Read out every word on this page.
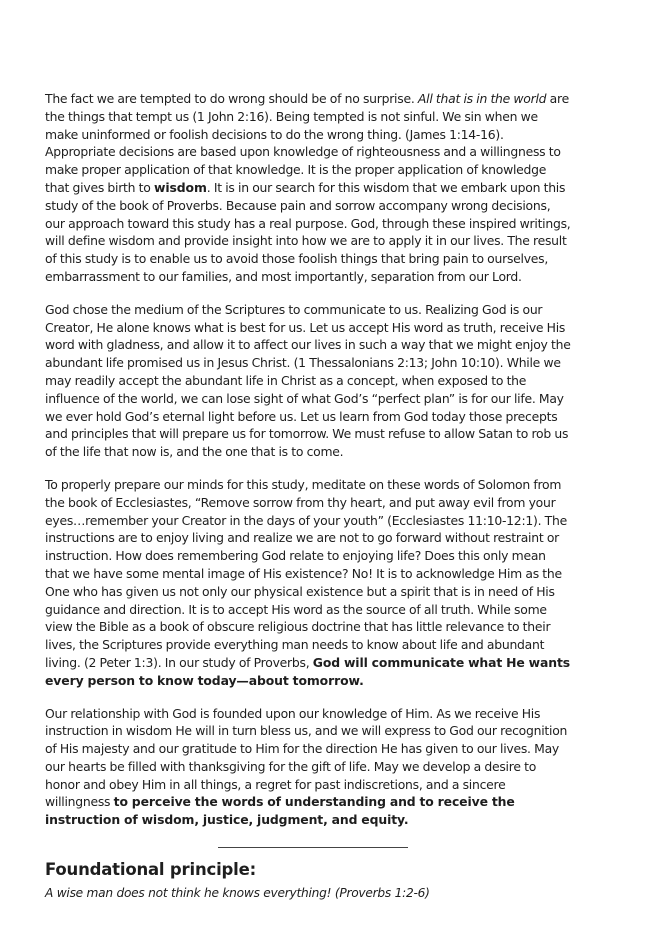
The fact we are tempted to do wrong should be of no surprise. All that is in the world are the things that tempt us (1 John 2:16). Being tempted is not sinful. We sin when we make uninformed or foolish decisions to do the wrong thing. (James 1:14-16). Appropriate decisions are based upon knowledge of righteousness and a willingness to make proper application of that knowledge. It is the proper application of knowledge that gives birth to wisdom. It is in our search for this wisdom that we embark upon this study of the book of Proverbs. Because pain and sorrow accompany wrong decisions, our approach toward this study has a real purpose. God, through these inspired writings, will define wisdom and provide insight into how we are to apply it in our lives. The result of this study is to enable us to avoid those foolish things that bring pain to ourselves, embarrassment to our families, and most importantly, separation from our Lord.

God chose the medium of the Scriptures to communicate to us. Realizing God is our Creator, He alone knows what is best for us. Let us accept His word as truth, receive His word with gladness, and allow it to affect our lives in such a way that we might enjoy the abundant life promised us in Jesus Christ. (1 Thessalonians 2:13; John 10:10). While we may readily accept the abundant life in Christ as a concept, when exposed to the influence of the world, we can lose sight of what God’s “perfect plan” is for our life. May we ever hold God’s eternal light before us. Let us learn from God today those precepts and principles that will prepare us for tomorrow. We must refuse to allow Satan to rob us of the life that now is, and the one that is to come.

To properly prepare our minds for this study, meditate on these words of Solomon from the book of Ecclesiastes, “Remove sorrow from thy heart, and put away evil from your eyes…remember your Creator in the days of your youth” (Ecclesiastes 11:10-12:1). The instructions are to enjoy living and realize we are not to go forward without restraint or instruction. How does remembering God relate to enjoying life? Does this only mean that we have some mental image of His existence? No! It is to acknowledge Him as the One who has given us not only our physical existence but a spirit that is in need of His guidance and direction. It is to accept His word as the source of all truth. While some view the Bible as a book of obscure religious doctrine that has little relevance to their lives, the Scriptures provide everything man needs to know about life and abundant living. (2 Peter 1:3). In our study of Proverbs, God will communicate what He wants every person to know today—about tomorrow.

Our relationship with God is founded upon our knowledge of Him. As we receive His instruction in wisdom He will in turn bless us, and we will express to God our recognition of His majesty and our gratitude to Him for the direction He has given to our lives. May our hearts be filled with thanksgiving for the gift of life. May we develop a desire to honor and obey Him in all things, a regret for past indiscretions, and a sincere willingness to perceive the words of understanding and to receive the instruction of wisdom, justice, judgment, and equity.

Foundational principle:
A wise man does not think he knows everything! (Proverbs 1:2-6)
